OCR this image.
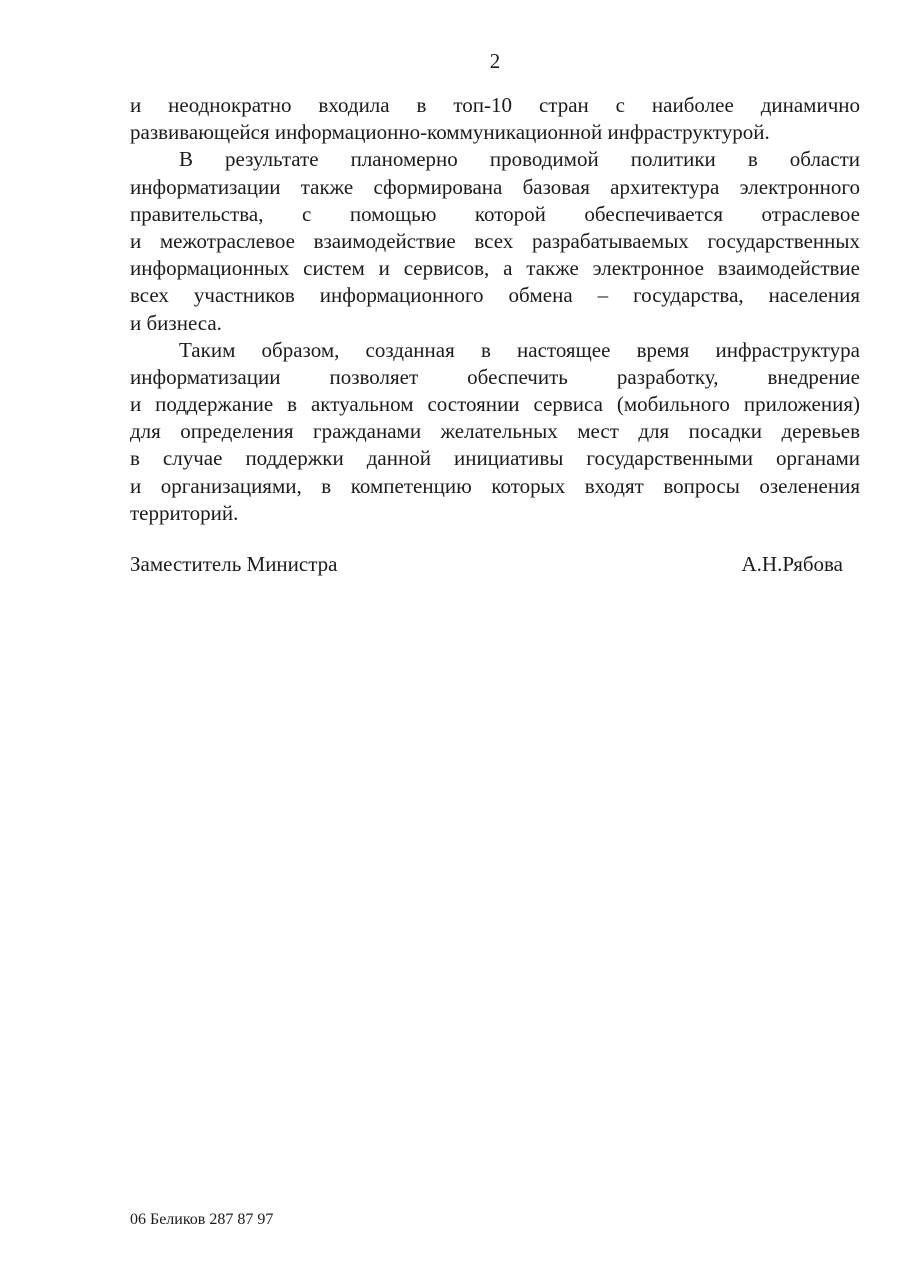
2
и неоднократно входила в топ-10 стран с наиболее динамично
развивающейся информационно-коммуникационной инфраструктурой.
В результате планомерно проводимой политики в области
информатизации также сформирована базовая архитектура электронного
правительства, с помощью которой обеспечивается отраслевое
и межотраслевое взаимодействие всех разрабатываемых государственных
информационных систем и сервисов, а также электронное взаимодействие
всех участников информационного обмена – государства, населения
и бизнеса.
Таким образом, созданная в настоящее время инфраструктура
информатизации позволяет обеспечить разработку, внедрение
и поддержание в актуальном состоянии сервиса (мобильного приложения)
для определения гражданами желательных мест для посадки деревьев
в случае поддержки данной инициативы государственными органами
и организациями, в компетенцию которых входят вопросы озеленения
территорий.
Заместитель Министра	А.Н.Рябова
06 Беликов 287 87 97
